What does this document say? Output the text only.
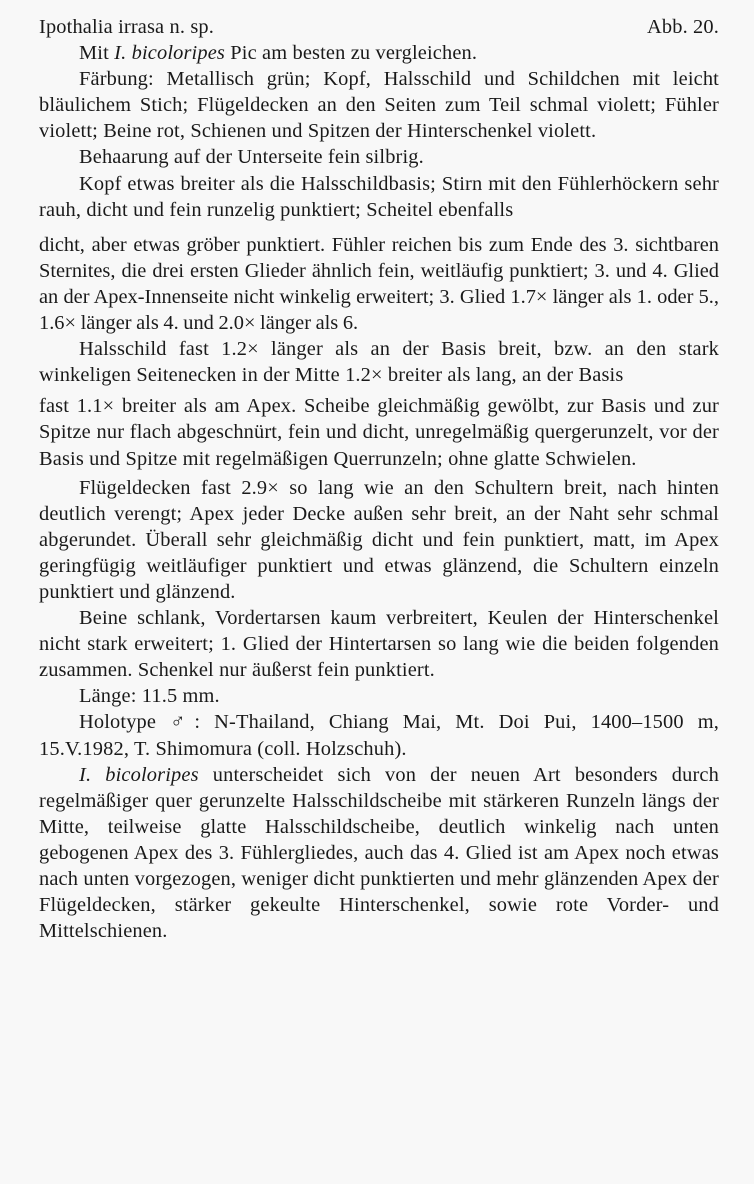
Ipothalia irrasa n. sp.	Abb. 20.

Mit I. bicoloripes Pic am besten zu vergleichen.

Färbung: Metallisch grün; Kopf, Halsschild und Schildchen mit leicht bläulichem Stich; Flügeldecken an den Seiten zum Teil schmal violett; Fühler violett; Beine rot, Schienen und Spitzen der Hinterschenkel violett.

Behaarung auf der Unterseite fein silbrig.

Kopf etwas breiter als die Halsschildbasis; Stirn mit den Fühlerhöckern sehr rauh, dicht und fein runzelig punktiert; Scheitel ebenfalls

dicht, aber etwas gröber punktiert. Fühler reichen bis zum Ende des 3. sichtbaren Sternites, die drei ersten Glieder ähnlich fein, weitläufig punktiert; 3. und 4. Glied an der Apex-Innenseite nicht winkelig erweitert; 3. Glied 1.7× länger als 1. oder 5., 1.6× länger als 4. und 2.0× länger als 6.

Halsschild fast 1.2× länger als an der Basis breit, bzw. an den stark winkeligen Seitenecken in der Mitte 1.2× breiter als lang, an der Basis

fast 1.1× breiter als am Apex. Scheibe gleichmäßig gewölbt, zur Basis und zur Spitze nur flach abgeschnürt, fein und dicht, unregelmäßig quergerunzelt, vor der Basis und Spitze mit regelmäßigen Querrunzeln; ohne glatte Schwielen.

Flügeldecken fast 2.9× so lang wie an den Schultern breit, nach hinten deutlich verengt; Apex jeder Decke außen sehr breit, an der Naht sehr schmal abgerundet. Überall sehr gleichmäßig dicht und fein punktiert, matt, im Apex geringfügig weitläufiger punktiert und etwas glänzend, die Schultern einzeln punktiert und glänzend.

Beine schlank, Vordertarsen kaum verbreitert, Keulen der Hinterschenkel nicht stark erweitert; 1. Glied der Hintertarsen so lang wie die beiden folgenden zusammen. Schenkel nur äußerst fein punktiert.

Länge: 11.5 mm.

Holotype ♂: N-Thailand, Chiang Mai, Mt. Doi Pui, 1400–1500 m, 15.V.1982, T. Shimomura (coll. Holzschuh).

I. bicoloripes unterscheidet sich von der neuen Art besonders durch regelmäßiger quer gerunzelte Halsschildscheibe mit stärkeren Runzeln längs der Mitte, teilweise glatte Halsschildscheibe, deutlich winkelig nach unten gebogenen Apex des 3. Fühlergliedes, auch das 4. Glied ist am Apex noch etwas nach unten vorgezogen, weniger dicht punktierten und mehr glänzenden Apex der Flügeldecken, stärker gekeulte Hinterschenkel, sowie rote Vorder- und Mittelschienen.
